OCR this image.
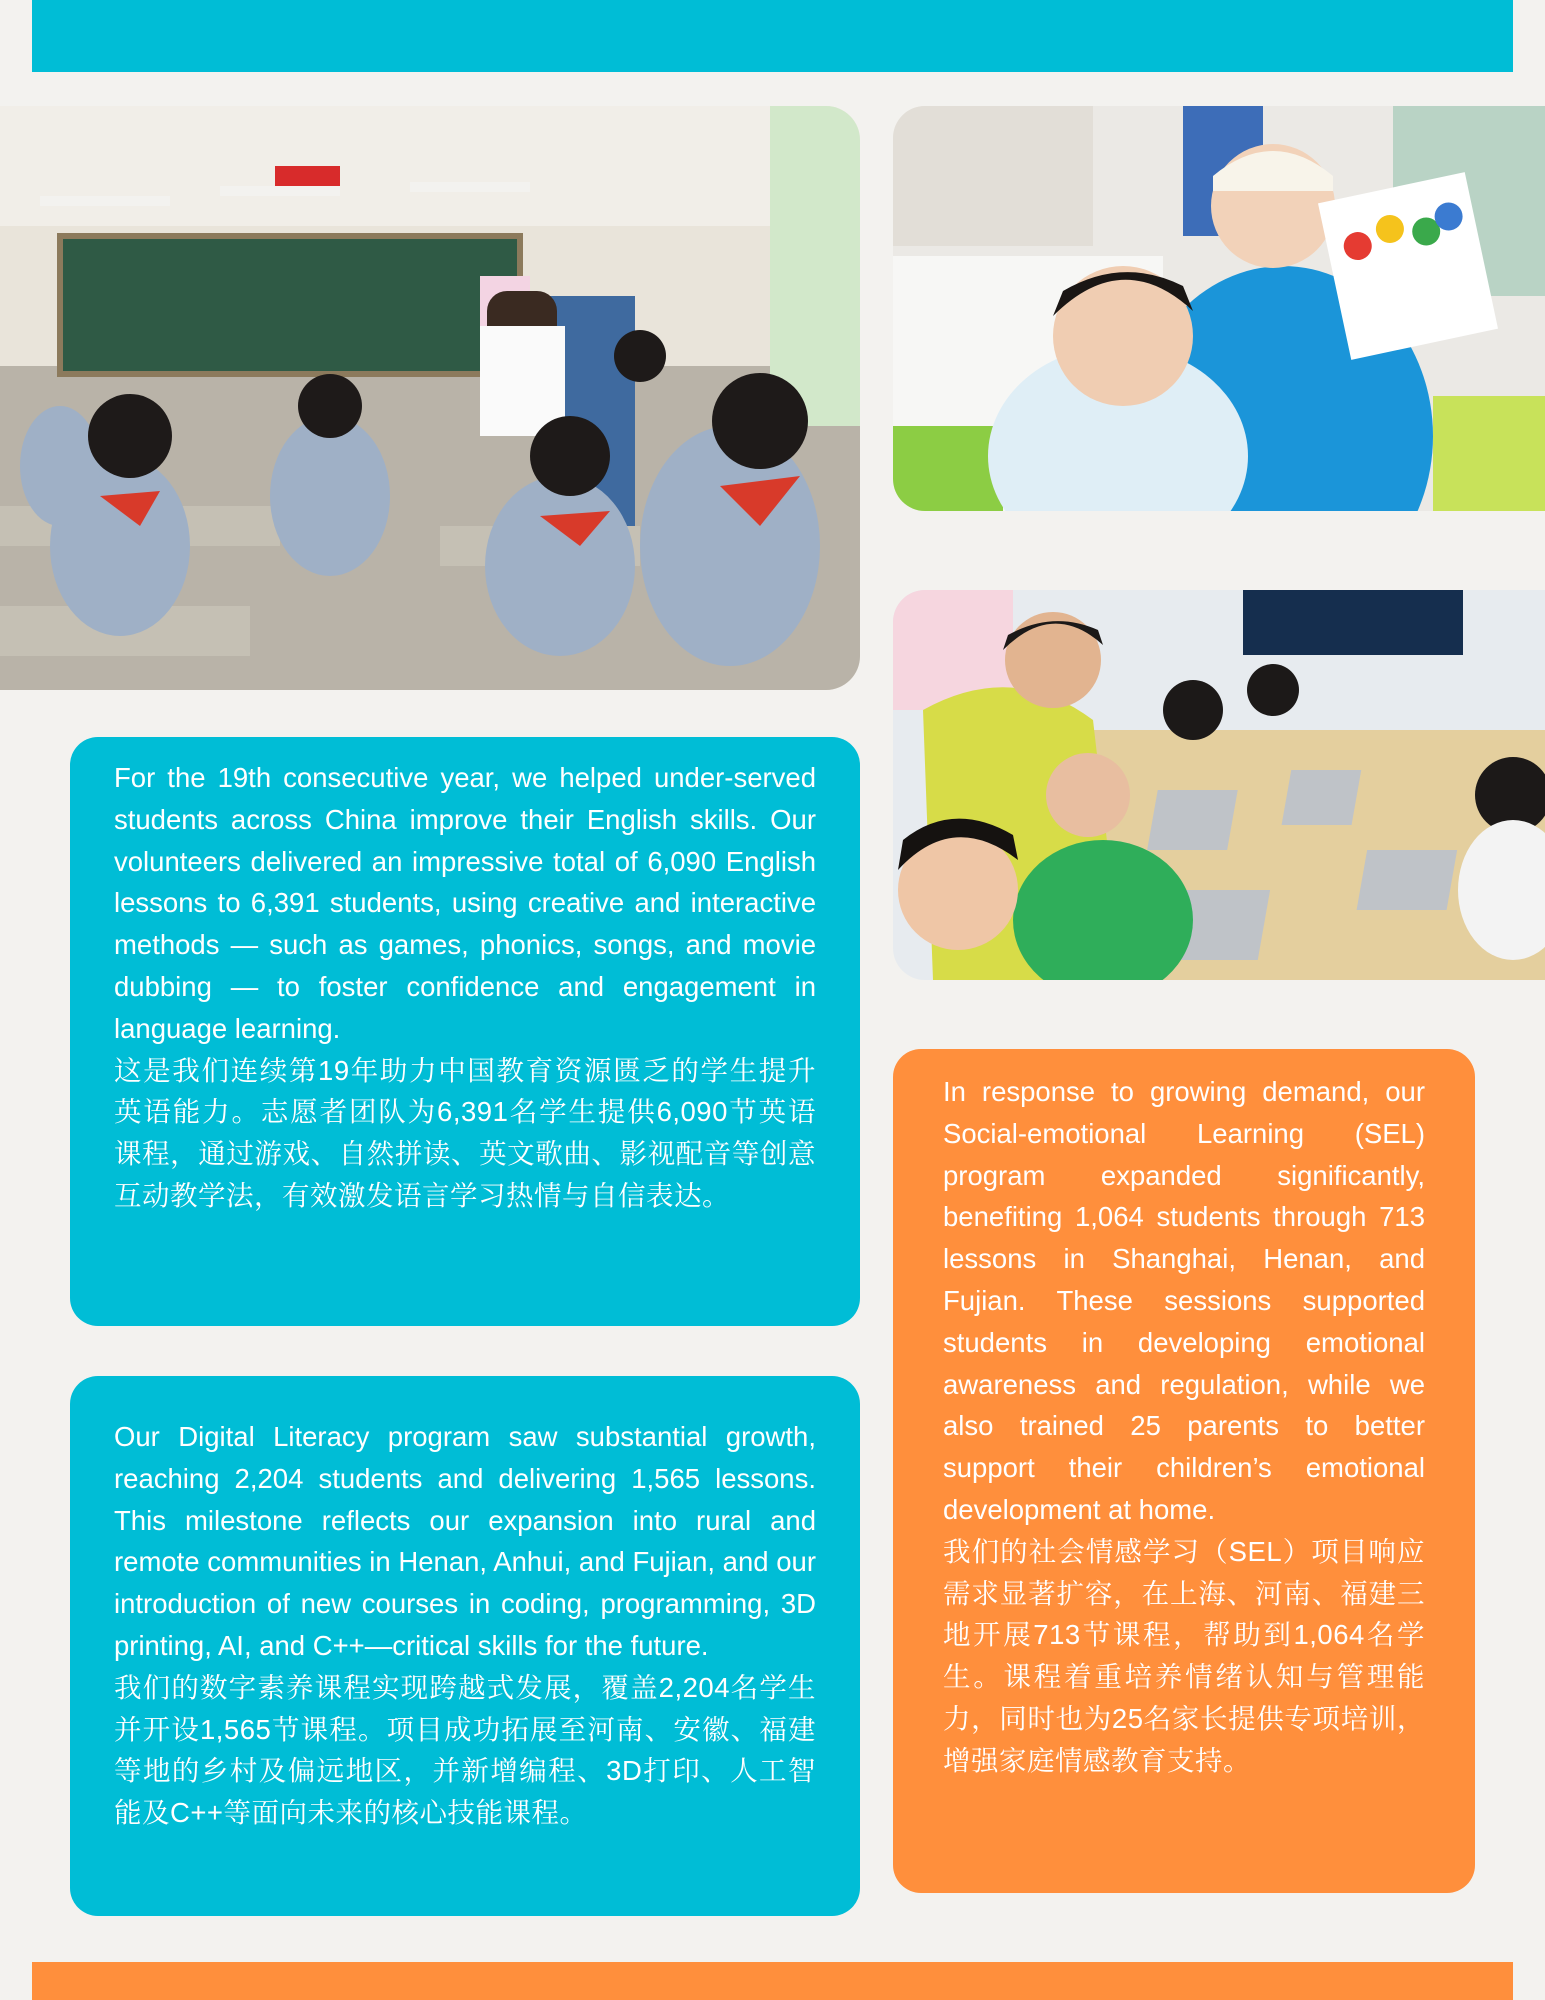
For the 19th consecutive year, we helped under-served students across China improve their English skills. Our volunteers delivered an impressive total of 6,090 English lessons to 6,391 students, using creative and interactive methods — such as games, phonics, songs, and movie dubbing — to foster confidence and engagement in language learning.

这是我们连续第19年助力中国教育资源匮乏的学生提升英语能力。志愿者团队为6,391名学生提供6,090节英语课程，通过游戏、自然拼读、英文歌曲、影视配音等创意互动教学法，有效激发语言学习热情与自信表达。

Our Digital Literacy program saw substantial growth, reaching 2,204 students and delivering 1,565 lessons. This milestone reflects our expansion into rural and remote communities in Henan, Anhui, and Fujian, and our introduction of new courses in coding, programming, 3D printing, AI, and C++—critical skills for the future.

我们的数字素养课程实现跨越式发展，覆盖2,204名学生并开设1,565节课程。项目成功拓展至河南、安徽、福建等地的乡村及偏远地区，并新增编程、3D打印、人工智能及C++等面向未来的核心技能课程。

In response to growing demand, our Social-emotional Learning (SEL) program expanded significantly, benefiting 1,064 students through 713 lessons in Shanghai, Henan, and Fujian. These sessions supported students in developing emotional awareness and regulation, while we also trained 25 parents to better support their children’s emotional development at home.

我们的社会情感学习（SEL）项目响应需求显著扩容，在上海、河南、福建三地开展713节课程，帮助到1,064名学生。课程着重培养情绪认知与管理能力，同时也为25名家长提供专项培训，增强家庭情感教育支持。
